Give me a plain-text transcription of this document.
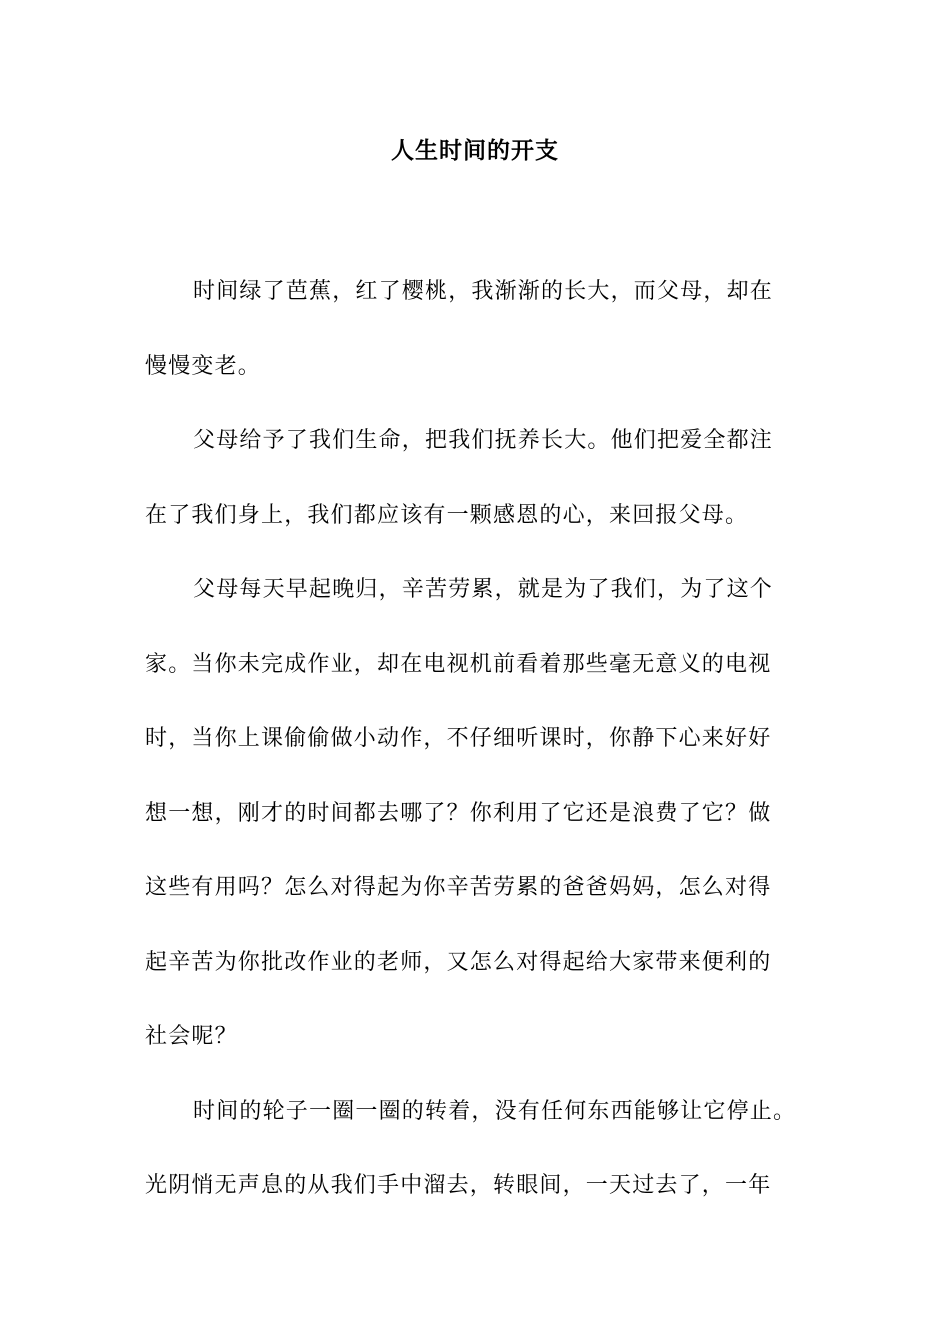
人生时间的开支
时间绿了芭蕉，红了樱桃，我渐渐的长大，而父母，却在
慢慢变老。
父母给予了我们生命，把我们抚养长大。他们把爱全都注
在了我们身上，我们都应该有一颗感恩的心，来回报父母。
父母每天早起晚归，辛苦劳累，就是为了我们，为了这个
家。当你未完成作业，却在电视机前看着那些毫无意义的电视
时，当你上课偷偷做小动作，不仔细听课时，你静下心来好好
想一想，刚才的时间都去哪了？你利用了它还是浪费了它？做
这些有用吗？怎么对得起为你辛苦劳累的爸爸妈妈，怎么对得
起辛苦为你批改作业的老师，又怎么对得起给大家带来便利的
社会呢？
时间的轮子一圈一圈的转着，没有任何东西能够让它停止。
光阴悄无声息的从我们手中溜去，转眼间，一天过去了，一年
